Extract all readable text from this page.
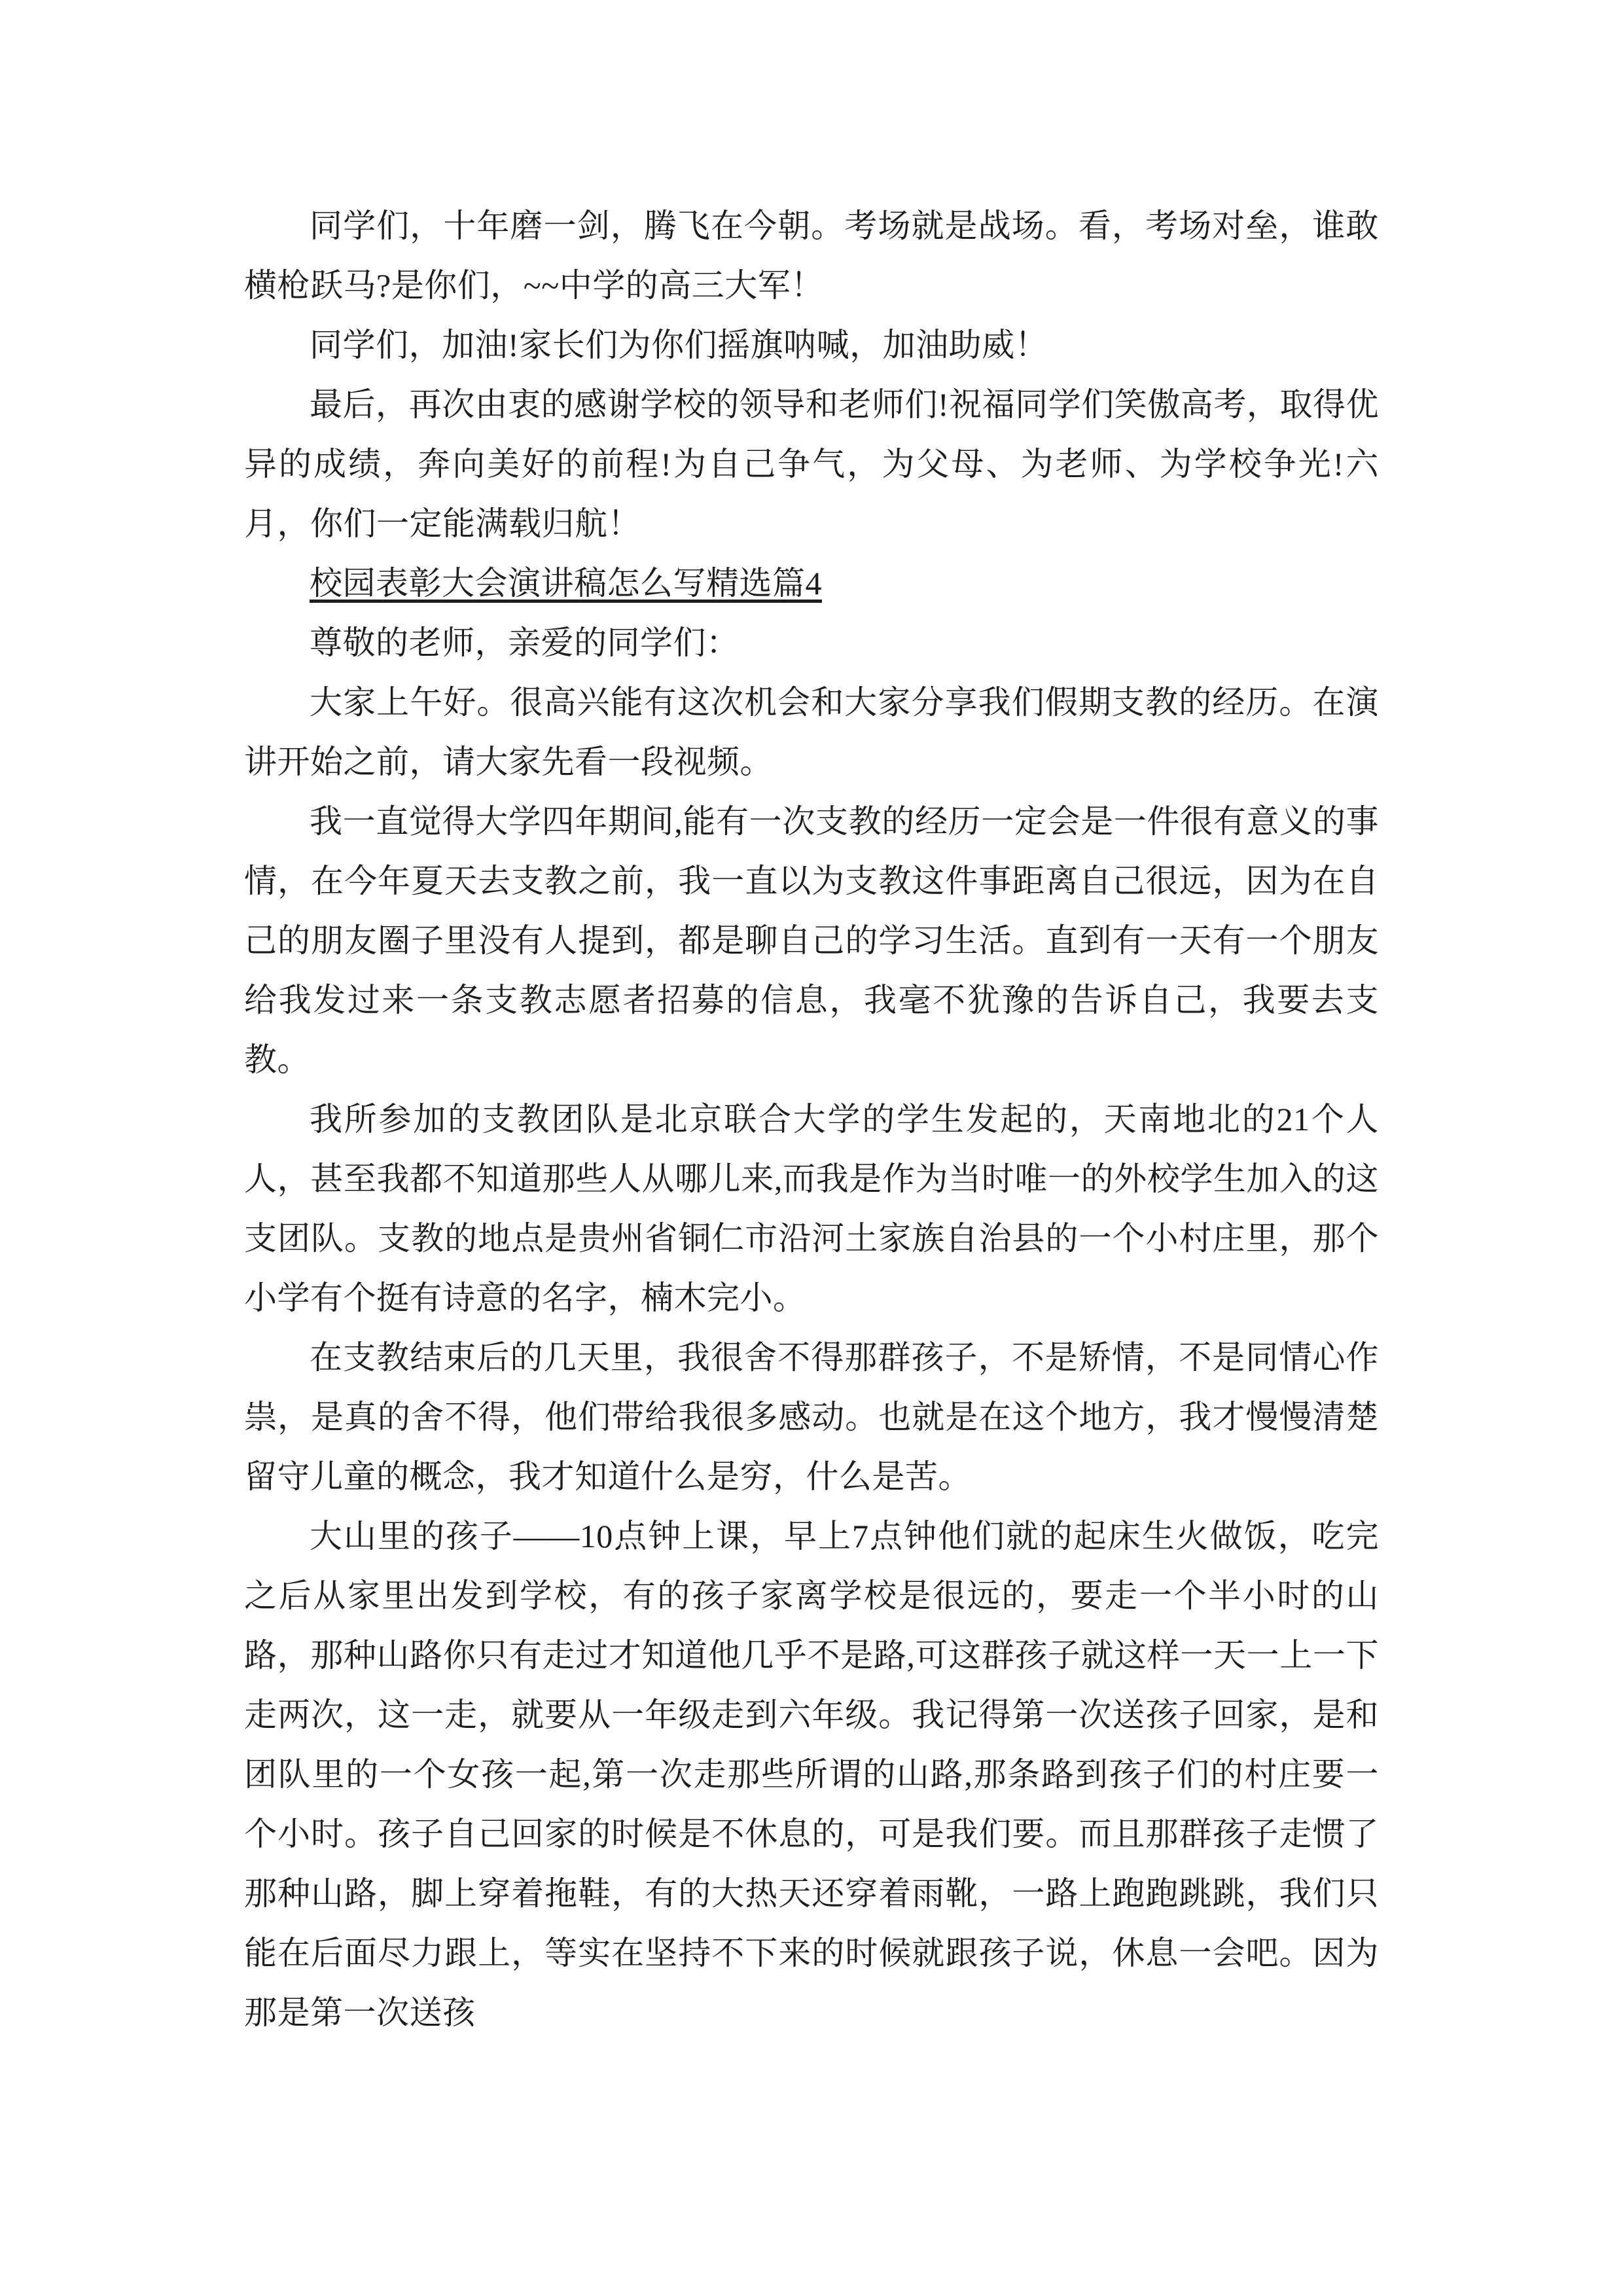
同学们，十年磨一剑，腾飞在今朝。考场就是战场。看，考场对垒，谁敢横枪跃马?是你们，~~中学的高三大军！

同学们，加油!家长们为你们摇旗呐喊，加油助威！

最后，再次由衷的感谢学校的领导和老师们!祝福同学们笑傲高考，取得优异的成绩，奔向美好的前程!为自己争气，为父母、为老师、为学校争光!六月，你们一定能满载归航！

校园表彰大会演讲稿怎么写精选篇4

尊敬的老师，亲爱的同学们：

大家上午好。很高兴能有这次机会和大家分享我们假期支教的经历。在演讲开始之前，请大家先看一段视频。

我一直觉得大学四年期间,能有一次支教的经历一定会是一件很有意义的事情，在今年夏天去支教之前，我一直以为支教这件事距离自己很远，因为在自己的朋友圈子里没有人提到，都是聊自己的学习生活。直到有一天有一个朋友给我发过来一条支教志愿者招募的信息，我毫不犹豫的告诉自己，我要去支教。

我所参加的支教团队是北京联合大学的学生发起的，天南地北的21个人人，甚至我都不知道那些人从哪儿来,而我是作为当时唯一的外校学生加入的这支团队。支教的地点是贵州省铜仁市沿河土家族自治县的一个小村庄里，那个小学有个挺有诗意的名字，楠木完小。

在支教结束后的几天里，我很舍不得那群孩子，不是矫情，不是同情心作祟，是真的舍不得，他们带给我很多感动。也就是在这个地方，我才慢慢清楚留守儿童的概念，我才知道什么是穷，什么是苦。

大山里的孩子——10点钟上课，早上7点钟他们就的起床生火做饭，吃完之后从家里出发到学校，有的孩子家离学校是很远的，要走一个半小时的山路，那种山路你只有走过才知道他几乎不是路,可这群孩子就这样一天一上一下走两次，这一走，就要从一年级走到六年级。我记得第一次送孩子回家，是和团队里的一个女孩一起,第一次走那些所谓的山路,那条路到孩子们的村庄要一个小时。孩子自己回家的时候是不休息的，可是我们要。而且那群孩子走惯了那种山路，脚上穿着拖鞋，有的大热天还穿着雨靴，一路上跑跑跳跳，我们只能在后面尽力跟上，等实在坚持不下来的时候就跟孩子说，休息一会吧。因为那是第一次送孩
